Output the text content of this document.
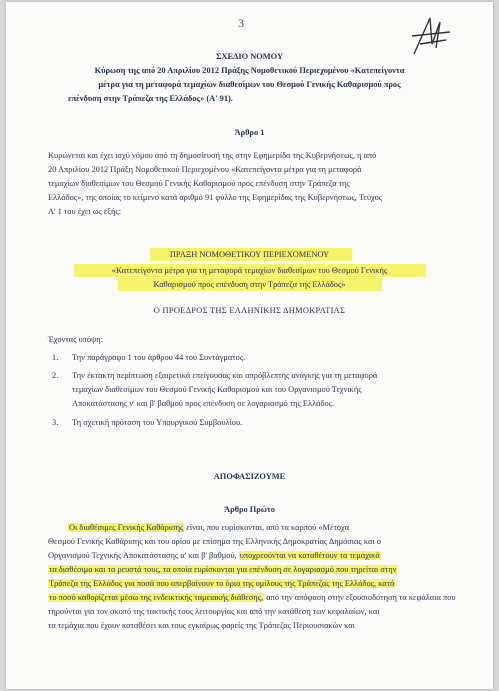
3
ΣΧΕΔΙΟ ΝΟΜΟΥ
Κύρωση της από 20 Απριλίου 2012 Πράξης Νομοθετικού Περιεχομένου «Κατεπείγοντα
μέτρα για τη μεταφορά τεμαχίων διαθεσίμων του Θεσμού Γενικής Καθαρισμού προς
επένδυση στην Τράπεζα της Ελλάδος» (Α' 91).
Άρθρο 1
Κυρώνεται και έχει ισχύ νόμου από τη δημοσίευσή της στην Εφημερίδα της Κυβερνήσεως, η από
20 Απριλίου 2012 Πράξη Νομοθετικού Περιεχομένου «Κατεπείγοντα μέτρα για τη μεταφορά
τεμαχίων διαθεσίμων του Θεσμού Γενικής Καθαρισμού προς επένδυση στην Τράπεζα της
Ελλάδος», της οποίας το κείμενο κατά αριθμό 91 φύλλο της Εφημερίδας της Κυβερνήσεως, Τεύχος
Α' 1 του έχει ως εξής:
ΠΡΑΞΗ ΝΟΜΟΘΕΤΙΚΟΥ ΠΕΡΙΕΧΟΜΕΝΟΥ
«Κατεπείγοντα μέτρα για τη μεταφορά τεμαχίων διαθεσίμων του Θεσμού Γενικής
Καθαρισμού προς επένδυση στην Τράπεζα της Ελλάδος»
Ο ΠΡΟΕΔΡΟΣ ΤΗΣ ΕΛΛΗΝΙΚΗΣ ΔΗΜΟΚΡΑΤΙΑΣ
Έχοντας υπόψη:
1. Την παράγραφο 1 του άρθρου 44 του Συντάγματος.
2. Την έκτακτη περίπτωση εξαιρετικά επείγουσας και απρόβλεπτης ανάγκης για τη μεταφορά
τεμαχίων διαθεσίμων του Θεσμού Γενικής Καθαρισμού και του Οργανισμού Τεχνικής
Αποκατάστασης ν' και β' βαθμού προς επένδυση σε λογαριασμό της Ελλάδος.
3. Τη σχετική πρόταση του Υπουργικού Συμβουλίου.
ΑΠΟΦΑΣΙΖΟΥΜΕ
Άρθρο Πρώτο
Οι διαθέσιμες Γενικής Καθάρισης είναι, που ευρίσκονται, από τα καρπού «Μέτοχα
Θεσμού Γενικής Καθάρισης και του ορίου με επίσημα της Ελληνικής Δημοκρατίας Δημόσιας και ο
Οργανισμού Τεχνικής Αποκατάστασης α' και β' βαθμού, υποχρεούνται να καταθέτουν τα τεμαχικά
τα διαθέσιμα και τα ρευστά τους, τα οποία ευρίσκονται για επένδυση σε λογαριασμό που τηρείται στην
Τράπεζα της Ελλάδος για ποσά που υπερβαίνουν το όριο της ομίλους της Τράπεζας της Ελλάδος, κατά
το ποσό καθορίζεται μέσω της ενδεικτικής ταμειακής διάθεσης, από την απόφαση στην εξουσιοδότηση τα κεφάλαια που
τηρούνται για τον σκοπό της τακτικής τους λειτουργίας και από την κατάθεση των κεφαλαίων, και
τα τεμάχια που έχουν καταθέσει και τους εγκαίρως φορείς της Τράπεζας Περιουσιακών και
